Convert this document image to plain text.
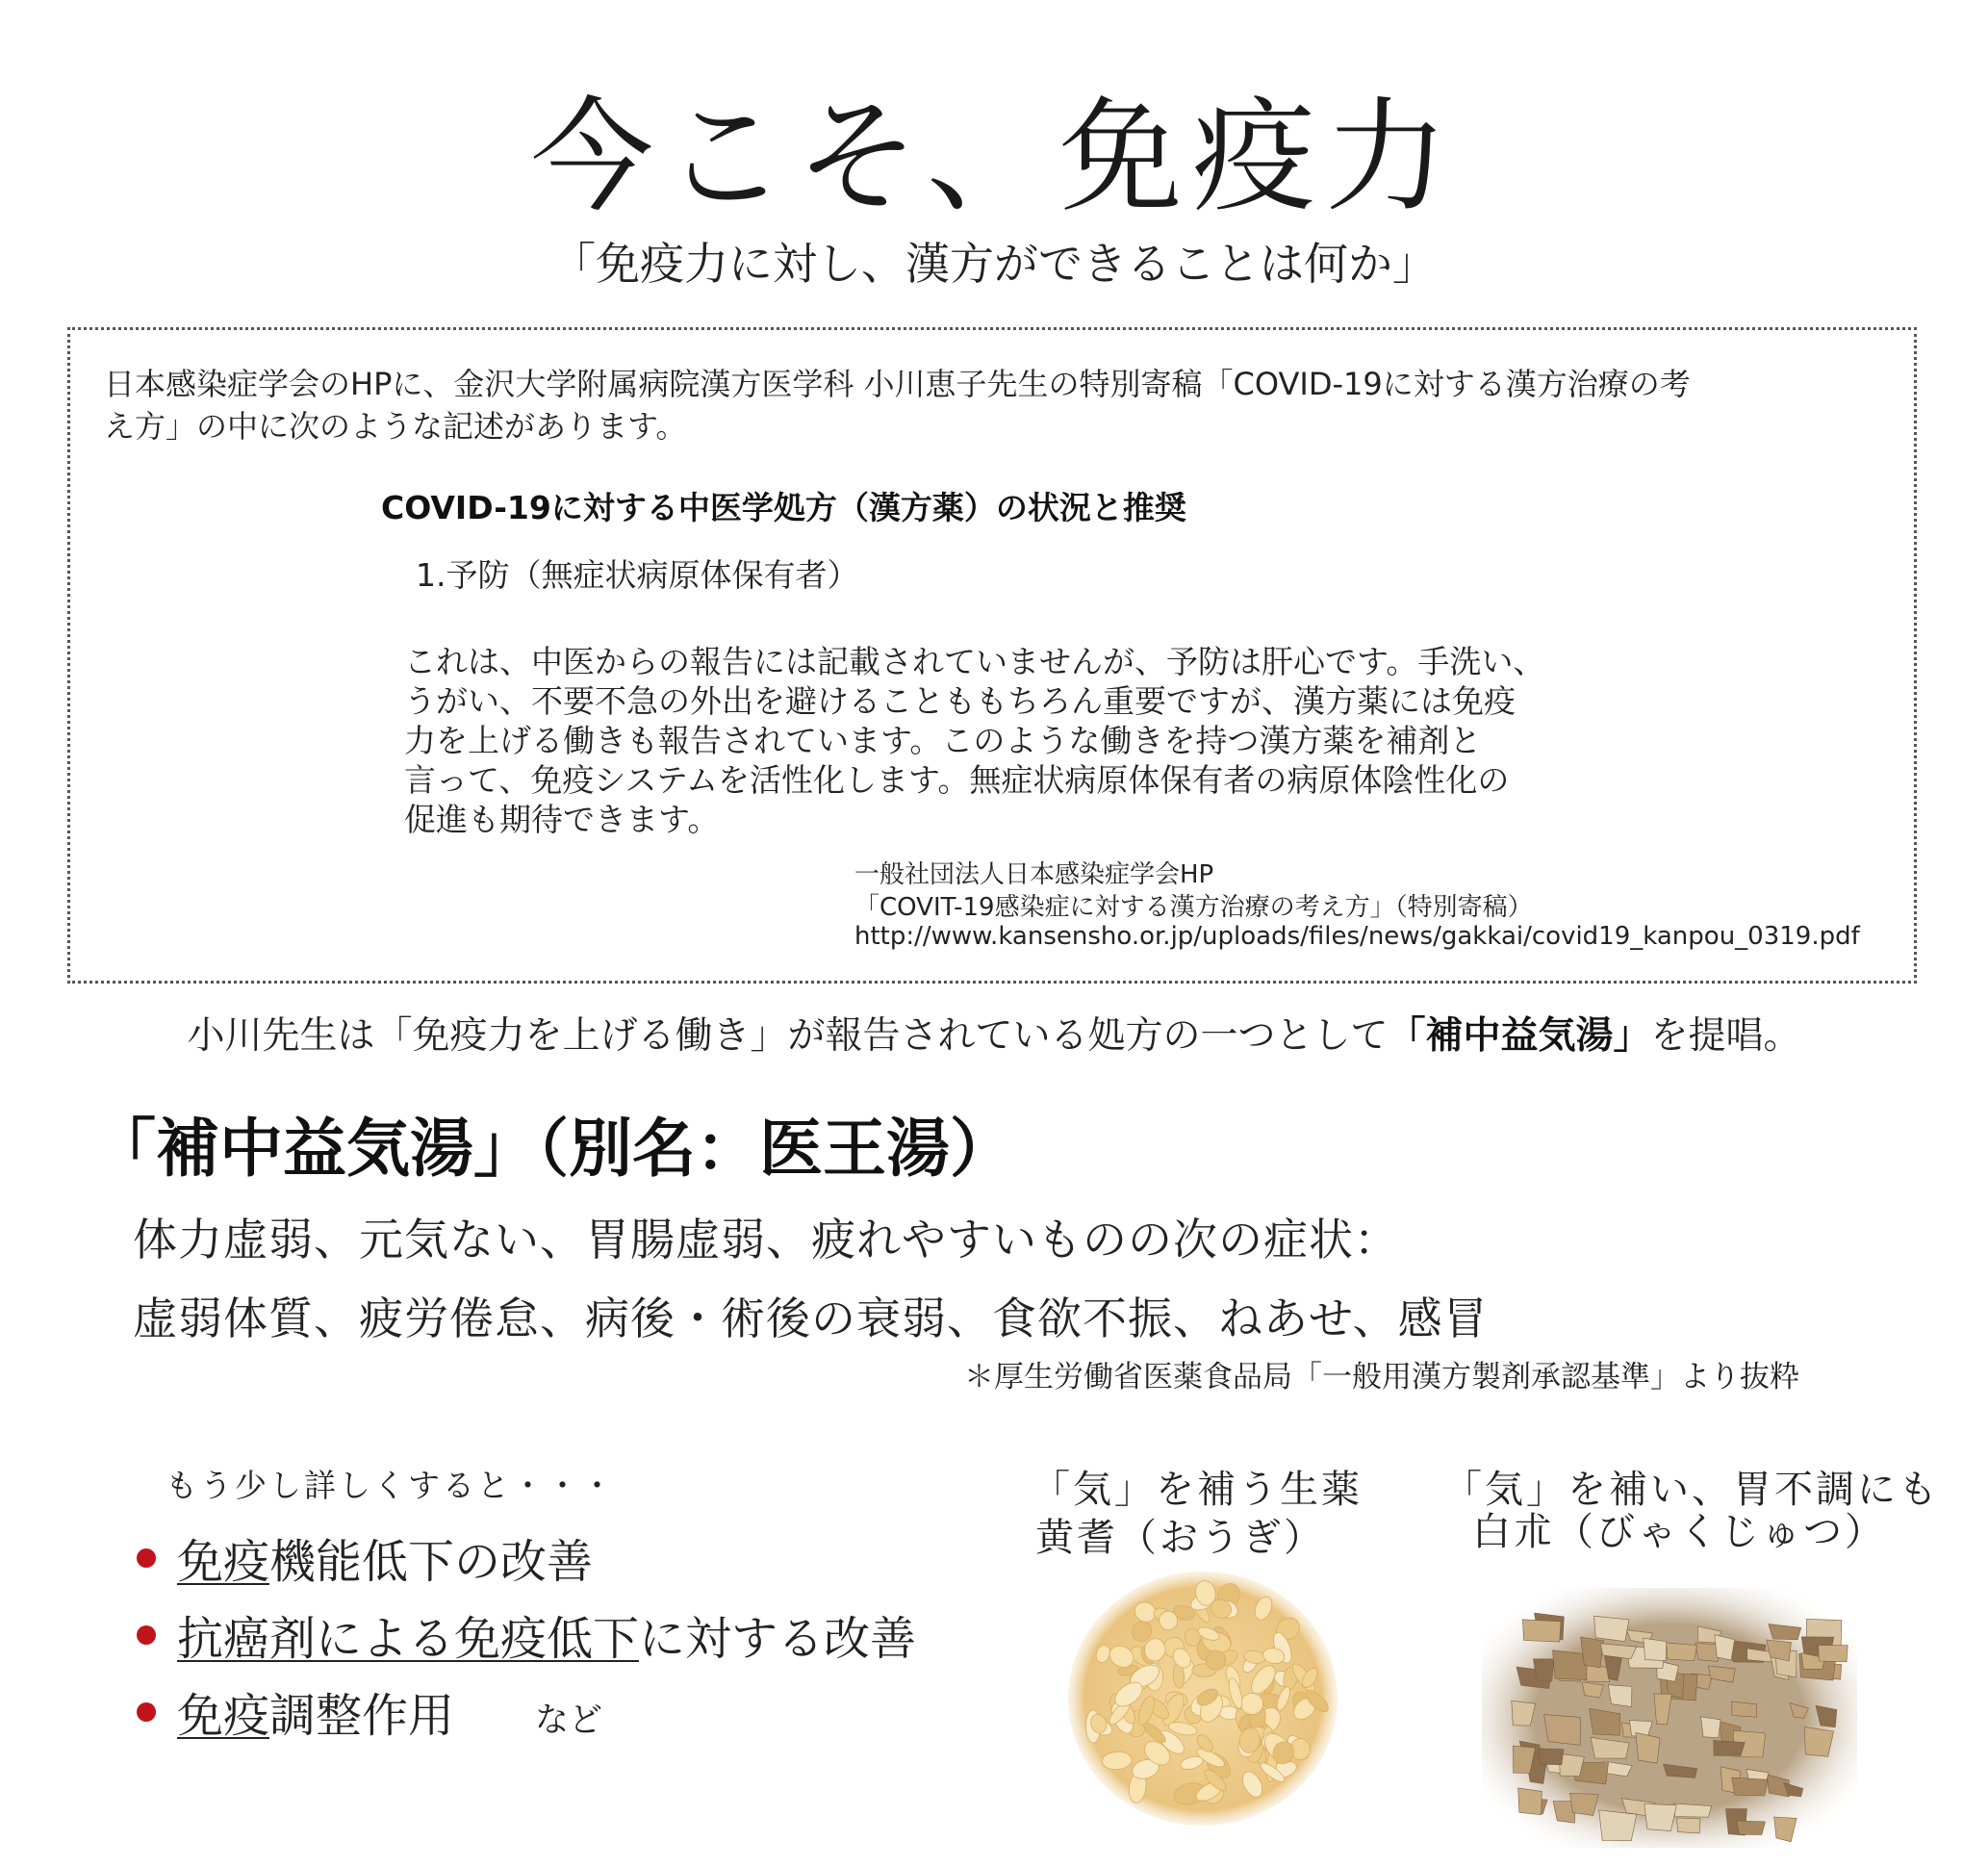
今こそ、免疫力
「免疫力に対し、漢方ができることは何か」
日本感染症学会のHPに、金沢大学附属病院漢方医学科 小川恵子先生の特別寄稿「COVID-19に対する漢方治療の考
え方」の中に次のような記述があります。
COVID-19に対する中医学処方（漢方薬）の状況と推奨
1.予防（無症状病原体保有者）
これは、中医からの報告には記載されていませんが、予防は肝心です。手洗い、
うがい、不要不急の外出を避けることももちろん重要ですが、漢方薬には免疫
力を上げる働きも報告されています。このような働きを持つ漢方薬を補剤と
言って、免疫システムを活性化します。無症状病原体保有者の病原体陰性化の
促進も期待できます。
一般社団法人日本感染症学会HP
「COVIT-19感染症に対する漢方治療の考え方」（特別寄稿）
http://www.kansensho.or.jp/uploads/files/news/gakkai/covid19_kanpou_0319.pdf
小川先生は「免疫力を上げる働き」が報告されている処方の一つとして「補中益気湯」を提唱。
「補中益気湯」（別名：医王湯）
体力虚弱、元気ない、胃腸虚弱、疲れやすいものの次の症状：
虚弱体質、疲労倦怠、病後・術後の衰弱、食欲不振、ねあせ、感冒
＊厚生労働省医薬食品局「一般用漢方製剤承認基準」より抜粋
もう少し詳しくすると・・・
免疫 機能低下の改善
抗癌剤による免疫低下 に対する改善
免疫 調整作用 など
「気」を補う生薬
黄耆（おうぎ）
「気」を補い、胃不調にも
白朮（びゃくじゅつ）
